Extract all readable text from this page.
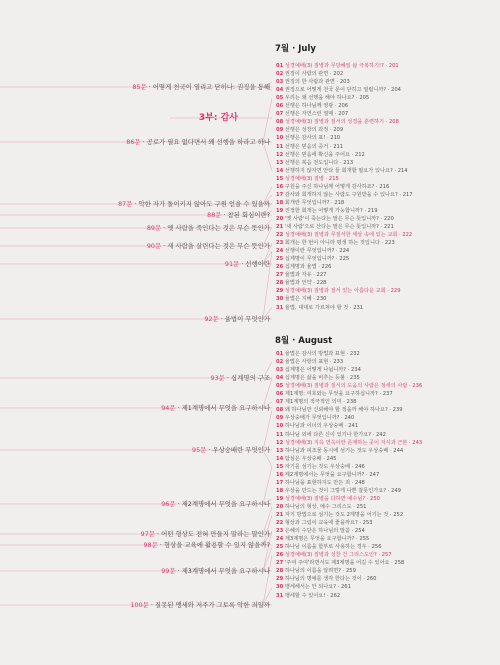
3부: 감사
85문 · 어떻게 천국이 열리고 닫히나: 권징을 통해
86문 · 공로가 필요 없다면서 왜 선행을 하라고 하나
87문 · 악한 자가 돌이키지 않아도 구원 얻을 수 있을까
88문 · 참된 회심이란?
89문 · 옛 사람을 죽인다는 것은 무슨 뜻인가
90문 · 새 사람을 살린다는 것은 무슨 뜻인가
91문 · 선행이란
92문 · 율법이 무엇인가
93문 · 십계명의 구조
94문 · 제1계명에서 무엇을 요구하시나
95문 · 우상숭배란 무엇인가
96문 · 제2계명에서 무엇을 요구하시나
97문 · 어떤 형상도 전혀 만들지 말라는 말인가
98문 · 형상을 교육에 활용할 수 있지 않을까?
99문 · 제3계명에서 무엇을 요구하시나
100문 · 질못된 맹세와 저주가 그토록 악한 죄일까
7월 · July
8월 · August
01 성경예배(3) 질병과 무당혜일 삶 극복하기!? · 201
02 권징이 사람의 관면 · 202
03 권징의 한 사람과 관면 · 203
04 권징으로 어떻게 천국 문이 닫히고 열립니까? · 204
05 우리는 왜 선행을 해야 하나요? · 205
06 선행은 하나님께 영광 · 206
07 선행은 자연스런 열매 · 207
08 성경예배(3) 질병과 질서의 성경을 훈련하기 · 208
09 선행은 성장의 과정 · 209
10 선행은 감사의 표! · 210
11 선행은 믿음의 증거 · 211
12 선행은 믿음에 확신을 주어요 · 212
13 선행은 복음 전도입니다 · 213
14 선행하지 않자면 안타 들 회개할 필요가 있나요? · 214
15 성경예배(3) 질병 · 215
16 구원을 주신 하나님께 어떻게 감사하죠? · 216
17 감사와 회개하지 않는 사람도 구원받을 수 있나요? · 217
18 회개란 무엇입니까? · 218
19 진정한 회개는 어떻게 가능합니까? · 219
20 '옛 사람'이 죽는다는 말은 무슨 뜻입니까? · 220
21 '새 사람'으로 산다는 말은 무슨 뜻입니까? · 221
22 성경예배(3) 질병과 무질서한 세상 속에 있는 교회 · 222
23 회개는 한 번이 아니라 평생 하는 것입니다 · 223
24 선행이란 무엇입니까? · 224
25 십계명이 무엇입니까? · 225
26 십계명과 율법 · 226
27 율법과 자유 · 227
28 율법과 언약 · 228
29 성경예배(3) 질병과 질서 있는 아름다운 교회 · 229
30 율법은 지혜 · 230
31 율법, 대대로 가르쳐야 할 것 · 231
01 율법은 감사의 방법과 표현 · 232
02 율법은 사랑의 표현 · 233
03 십계명은 어떻게 나뉩니까? · 234
04 십계명은 삶을 비추는 등불 · 235
05 성경예배(3) 질병과 질서의 도움의 사람은 정세의 사람 · 236
06 제1계명: 여호와는 무엇을 요구하십니까? · 237
07 제1계명의 적극적인 의미 · 238
08 왜 하나님만 신뢰해야 할 정을까 해야 하나요? · 239
09 우상숭배가 무엇입니까? · 240
10 하나님과 이너의 우상숭배 · 241
11 하나님 외에 다른 신이 있기나 한가요? · 242
12 성경예배(3) 지옥 연옥이란 존재하는 곳이 지식과 근본 · 243
13 하나님과 피조물 동시에 섬기는 것도 우상숭배 · 244
14 탐심은 우상숭배 · 245
15 자기를 섬기는 것도 우상숭배 · 246
16 제2계명에서는 무엇을 요구합니까? · 247
17 하나님을 표현하지도 만든 죄 · 248
18 우상을 만드는 것이 그렇게 나쁜 잘못인가요? · 249
19 성경예배(3) 질병을 다하면 예수님? · 250
20 하나님의 형상, 예수 그리스도 · 251
21 자기 방법으로 섬기는 것도 2계명을 어기는 것 · 252
22 형상과 그림이 교육에 좋을까요? · 253
23 은혜의 수단은 하나님의 말씀 · 254
24 제3계명은 무엇을 요구합니까? · 255
25 하나님 이름을 함부로 사용하는 경우 · 256
26 성경예배(3) 질병과 성찬 건 그리스도인? · 257
27 '주여 주여'라면서도 제3계명을 어길 수 있어요 · 258
28 하나님의 이름을 알려면? · 259
29 하나님의 명예를 생각 한다는 것이 · 260
30 맹세해서는 안 되나요? · 261
31 맹세할 수 있어요! · 262
